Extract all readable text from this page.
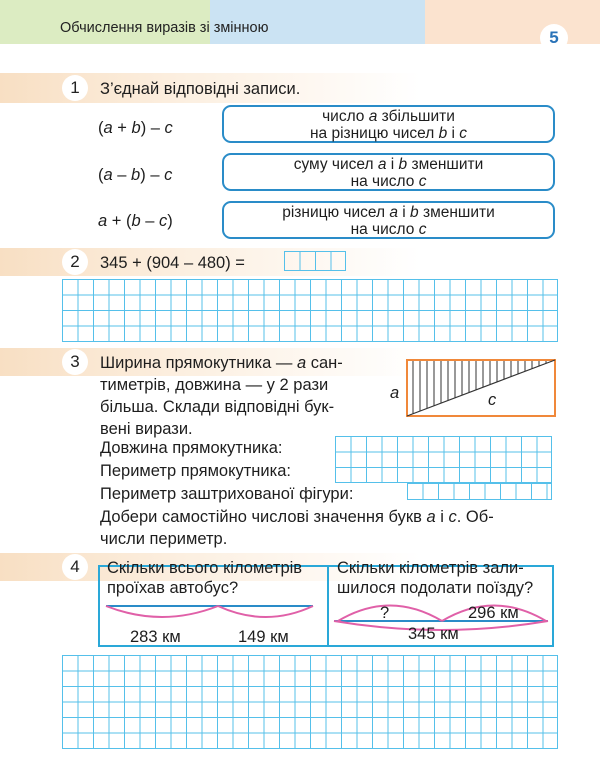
Обчислення виразів зі змінною	5
1	З’єднай відповідні записи.
(a + b) – c
(a – b) – c
a + (b – c)
число a збільшити
на різницю чисел b і c
суму чисел a і b зменшити
на число c
різницю чисел a і b зменшити
на число c
2	345 + (904 – 480) =
3	Ширина прямокутника — a сан-
тиметрів, довжина — у 2 рази
більша. Склади відповідні бук-
вені вирази.
a	c
Довжина прямокутника:
Периметр прямокутника:
Периметр заштрихованої фігури:
Добери самостійно числові значення букв a і c. Об-
числи периметр.
4	Скільки всього кілометрів
проїхав автобус?
Скільки кілометрів зали-
шилося подолати поїзду?
283 км	149 км
?	296 км
345 км
